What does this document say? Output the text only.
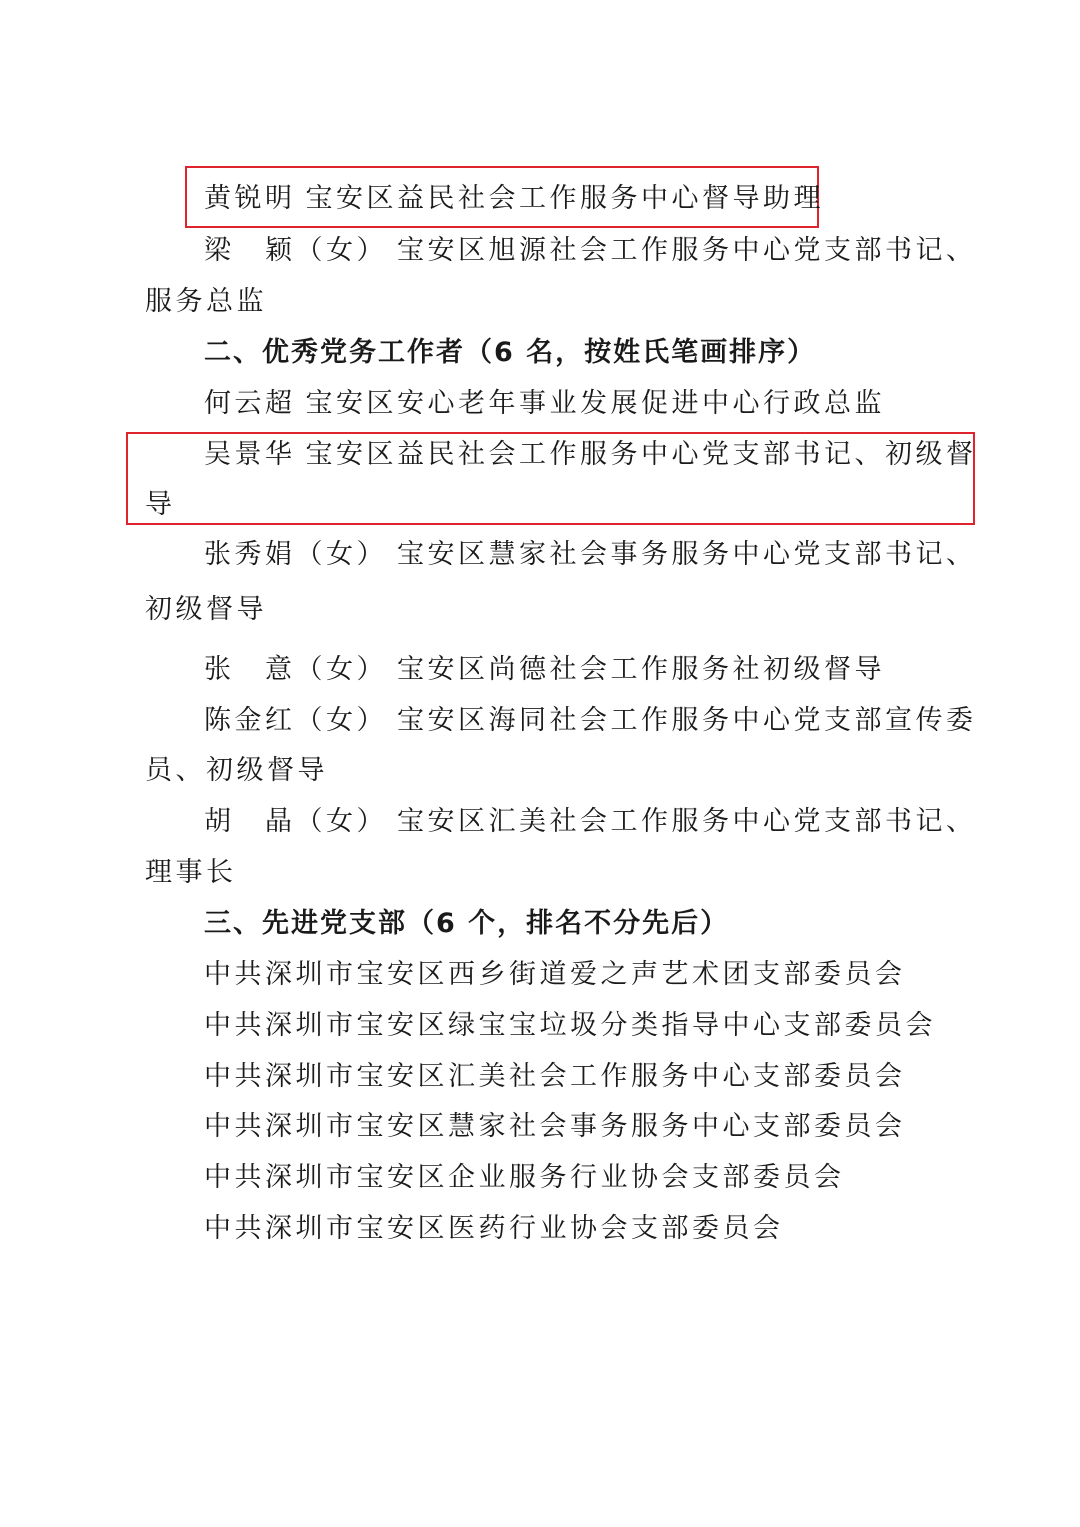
黄锐明 宝安区益民社会工作服务中心督导助理
梁　颖（女） 宝安区旭源社会工作服务中心党支部书记、
服务总监
二、优秀党务工作者（6 名，按姓氏笔画排序）
何云超 宝安区安心老年事业发展促进中心行政总监
吴景华 宝安区益民社会工作服务中心党支部书记、初级督
导
张秀娟（女） 宝安区慧家社会事务服务中心党支部书记、
初级督导
张　意（女） 宝安区尚德社会工作服务社初级督导
陈金红（女） 宝安区海同社会工作服务中心党支部宣传委
员、初级督导
胡　晶（女） 宝安区汇美社会工作服务中心党支部书记、
理事长
三、先进党支部（6 个，排名不分先后）
中共深圳市宝安区西乡街道爱之声艺术团支部委员会
中共深圳市宝安区绿宝宝垃圾分类指导中心支部委员会
中共深圳市宝安区汇美社会工作服务中心支部委员会
中共深圳市宝安区慧家社会事务服务中心支部委员会
中共深圳市宝安区企业服务行业协会支部委员会
中共深圳市宝安区医药行业协会支部委员会
